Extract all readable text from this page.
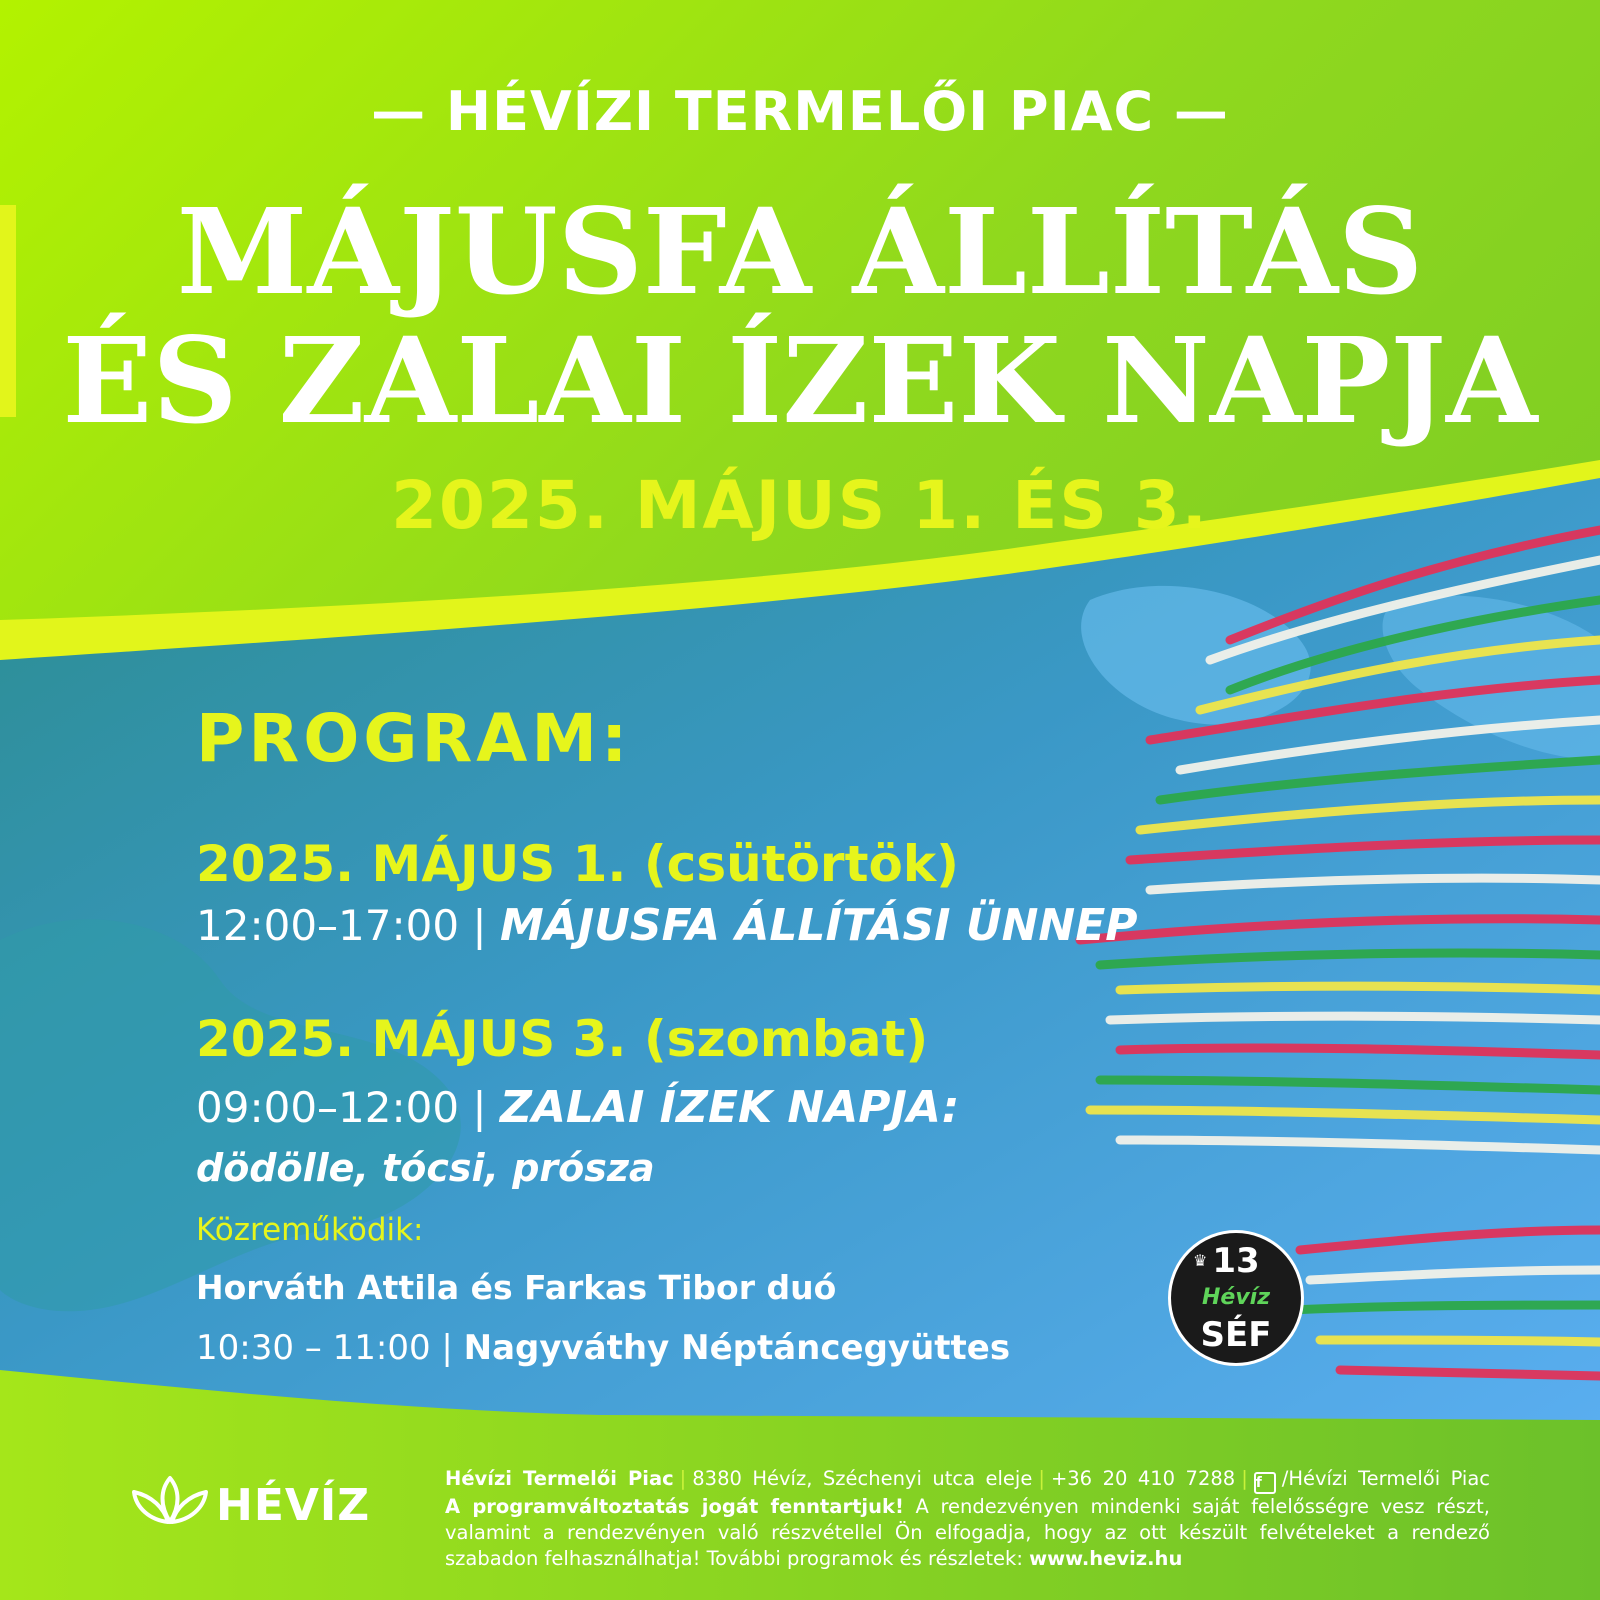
— HÉVÍZI TERMELŐI PIAC —
MÁJUSFA ÁLLÍTÁS
ÉS ZALAI ÍZEK NAPJA
2025. MÁJUS 1. ÉS 3.
PROGRAM:
2025. MÁJUS 1. (csütörtök)
12:00–17:00 | MÁJUSFA ÁLLÍTÁSI ÜNNEP
2025. MÁJUS 3. (szombat)
09:00–12:00 | ZALAI ÍZEK NAPJA:
dödölle, tócsi, prósza
Közreműködik:
Horváth Attila és Farkas Tibor duó
10:30 – 11:00 | Nagyváthy Néptáncegyüttes
♛ 13
Hévíz
SÉF
HÉVÍZ
Hévízi Termelői Piac | 8380 Hévíz, Széchenyi utca eleje | +36 20 410 7288 | f /Hévízi Termelői Piac
A programváltoztatás jogát fenntartjuk! A rendezvényen mindenki saját felelősségre vesz részt,
valamint a rendezvényen való részvétellel Ön elfogadja, hogy az ott készült felvételeket a rendező
szabadon felhasználhatja! További programok és részletek: www.heviz.hu
